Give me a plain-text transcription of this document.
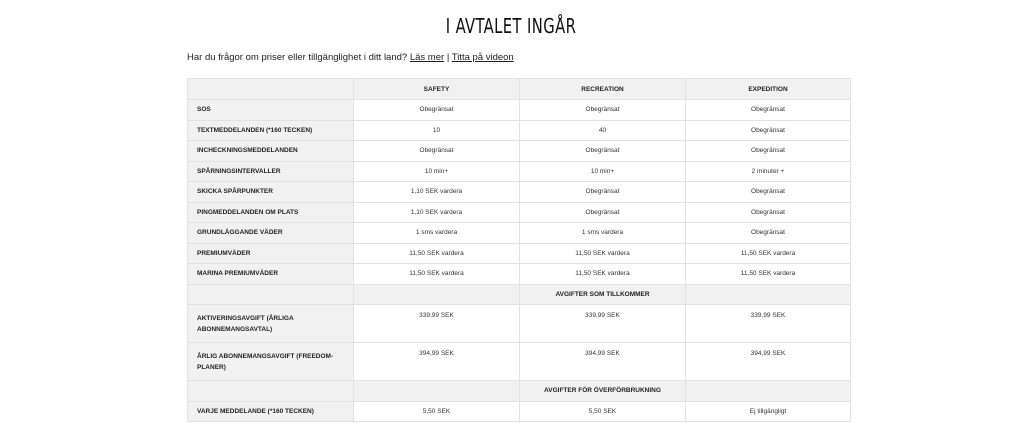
I AVTALET INGÅR
Har du frågor om priser eller tillgänglighet i ditt land? Läs mer | Titta på videon
	SAFETY	RECREATION	EXPEDITION
SOS	Obegränsat	Obegränsat	Obegränsat
TEXTMEDDELANDEN (*160 TECKEN)	10	40	Obegränsat
INCHECKNINGSMEDDELANDEN	Obegränsat	Obegränsat	Obegränsat
SPÅRNINGSINTERVALLER	10 min+	10 min+	2 minuter +
SKICKA SPÅRPUNKTER	1,10 SEK vardera	Obegränsat	Obegränsat
PINGMEDDELANDEN OM PLATS	1,10 SEK vardera	Obegränsat	Obegränsat
GRUNDLÄGGANDE VÄDER	1 sms vardera	1 sms vardera	Obegränsat
PREMIUMVÄDER	11,50 SEK vardera	11,50 SEK vardera	11,50 SEK vardera
MARINA PREMIUMVÄDER	11,50 SEK vardera	11,50 SEK vardera	11,50 SEK vardera
		AVGIFTER SOM TILLKOMMER	
AKTIVERINGSAVGIFT (ÅRLIGA ABONNEMANGSAVTAL)	339,99 SEK	339,99 SEK	339,99 SEK
ÅRLIG ABONNEMANGSAVGIFT (FREEDOM-PLANER)	394,99 SEK	394,99 SEK	394,99 SEK
		AVGIFTER FÖR ÖVERFÖRBRUKNING	
VARJE MEDDELANDE (*160 TECKEN)	5,50 SEK	5,50 SEK	Ej tillgängligt
